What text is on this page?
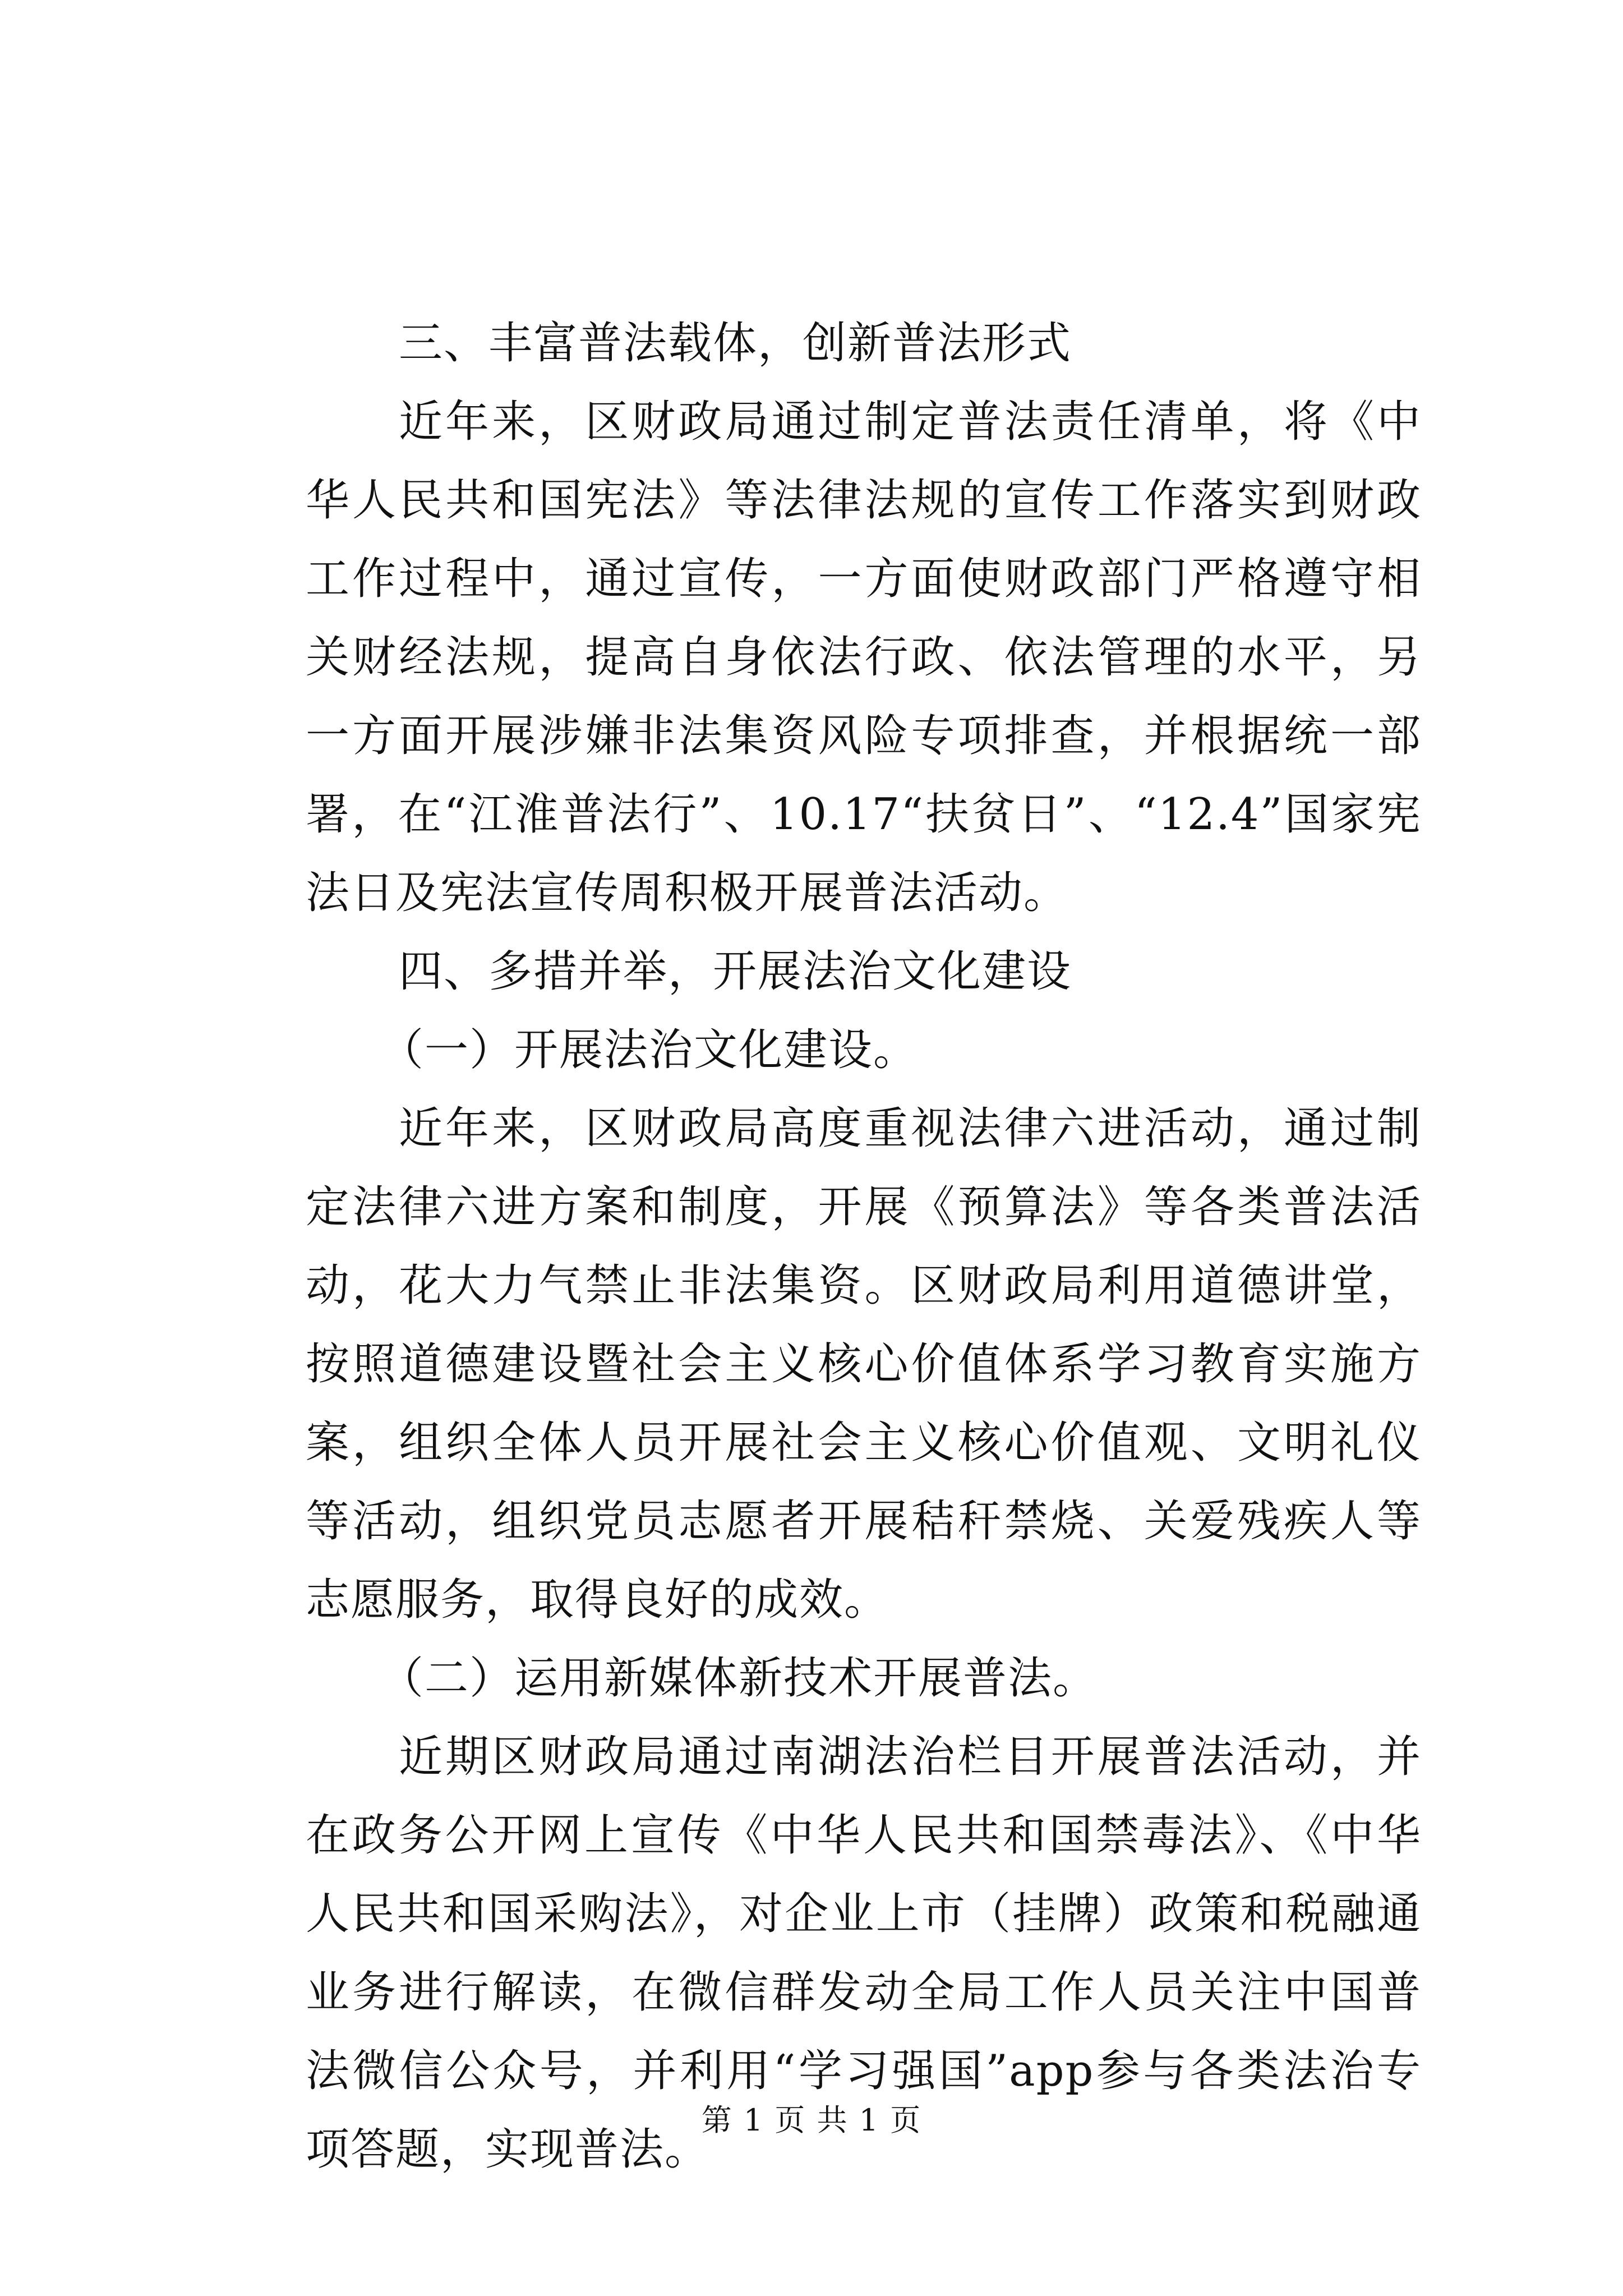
三、丰富普法载体，创新普法形式

近年来，区财政局通过制定普法责任清单，将《中华人民共和国宪法》等法律法规的宣传工作落实到财政工作过程中，通过宣传，一方面使财政部门严格遵守相关财经法规，提高自身依法行政、依法管理的水平，另一方面开展涉嫌非法集资风险专项排查，并根据统一部署，在“江淮普法行”、10.17“扶贫日”、“12.4”国家宪法日及宪法宣传周积极开展普法活动。

四、多措并举，开展法治文化建设

（一）开展法治文化建设。

近年来，区财政局高度重视法律六进活动，通过制定法律六进方案和制度，开展《预算法》等各类普法活动，花大力气禁止非法集资。区财政局利用道德讲堂，按照道德建设暨社会主义核心价值体系学习教育实施方案，组织全体人员开展社会主义核心价值观、文明礼仪等活动，组织党员志愿者开展秸秆禁烧、关爱残疾人等志愿服务，取得良好的成效。

（二）运用新媒体新技术开展普法。

近期区财政局通过南湖法治栏目开展普法活动，并在政务公开网上宣传《中华人民共和国禁毒法》、《中华人民共和国采购法》，对企业上市（挂牌）政策和税融通业务进行解读，在微信群发动全局工作人员关注中国普法微信公众号，并利用“学习强国”app参与各类法治专项答题，实现普法。

第 1 页 共 1 页
